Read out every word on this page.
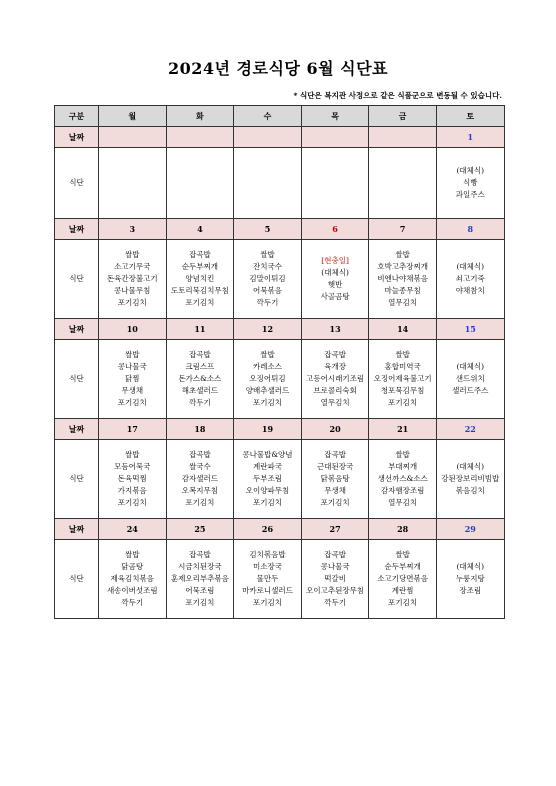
2024년 경로식당 6월 식단표
* 식단은 복지관 사정으로 같은 식품군으로 변동될 수 있습니다.
구분	월	화	수	목	금	토
날짜						1
식단						(대체식)
식빵
과일주스

날짜	3	4	5	6	7	8
식단	쌀밥
소고기무국
돈육간장불고기
콩나물무침
포기김치	잡곡밥
순두부찌개
양념치킨
도토리묵김치무침
포기김치	쌀밥
잔치국수
김말이튀김
어묵볶음
깍두기	[현충일]
(대체식)
햇반
사골곰탕	쌀밥
호박고추장찌개
비엔나야채볶음
마늘종무침
열무김치	(대체식)
쇠고기죽
야채참치

날짜	10	11	12	13	14	15
식단	쌀밥
콩나물국
닭찜
무생채
포기김치	잡곡밥
크림스프
돈가스&소스
해초샐러드
깍두기	쌀밥
카레소스
오징어튀김
양배추샐러드
포기김치	잡곡밥
육개장
고등어시래기조림
브로콜리숙회
열무김치	쌀밥
홍합미역국
오징어제육불고기
청포묵김무침
포기김치	(대체식)
샌드위치
샐러드주스

날짜	17	18	19	20	21	22
식단	쌀밥
모듬어묵국
돈육떡찜
가지볶음
포기김치	잡곡밥
쌀국수
감자샐러드
오복지무침
포기김치	콩나물밥&양념
계란파국
두부조림
오이양파무침
포기김치	잡곡밥
근대된장국
닭볶음탕
무생채
포기김치	쌀밥
부대찌개
생선까스&소스
감자햄장조림
열무김치	(대체식)
강된장보리비빔밥
볶음김치

날짜	24	25	26	27	28	29
식단	쌀밥
닭곰탕
제육김치볶음
새송이버섯조림
깍두기	잡곡밥
시금치된장국
훈제오리부추볶음
어묵조림
포기김치	김치볶음밥
미소장국
물만두
마카로니샐러드
포기김치	잡곡밥
콩나물국
떡갈비
오이고추된장무침
깍두기	쌀밥
순두부찌개
소고기당면볶음
계란찜
포기김치	(대체식)
누룽지탕
장조림
